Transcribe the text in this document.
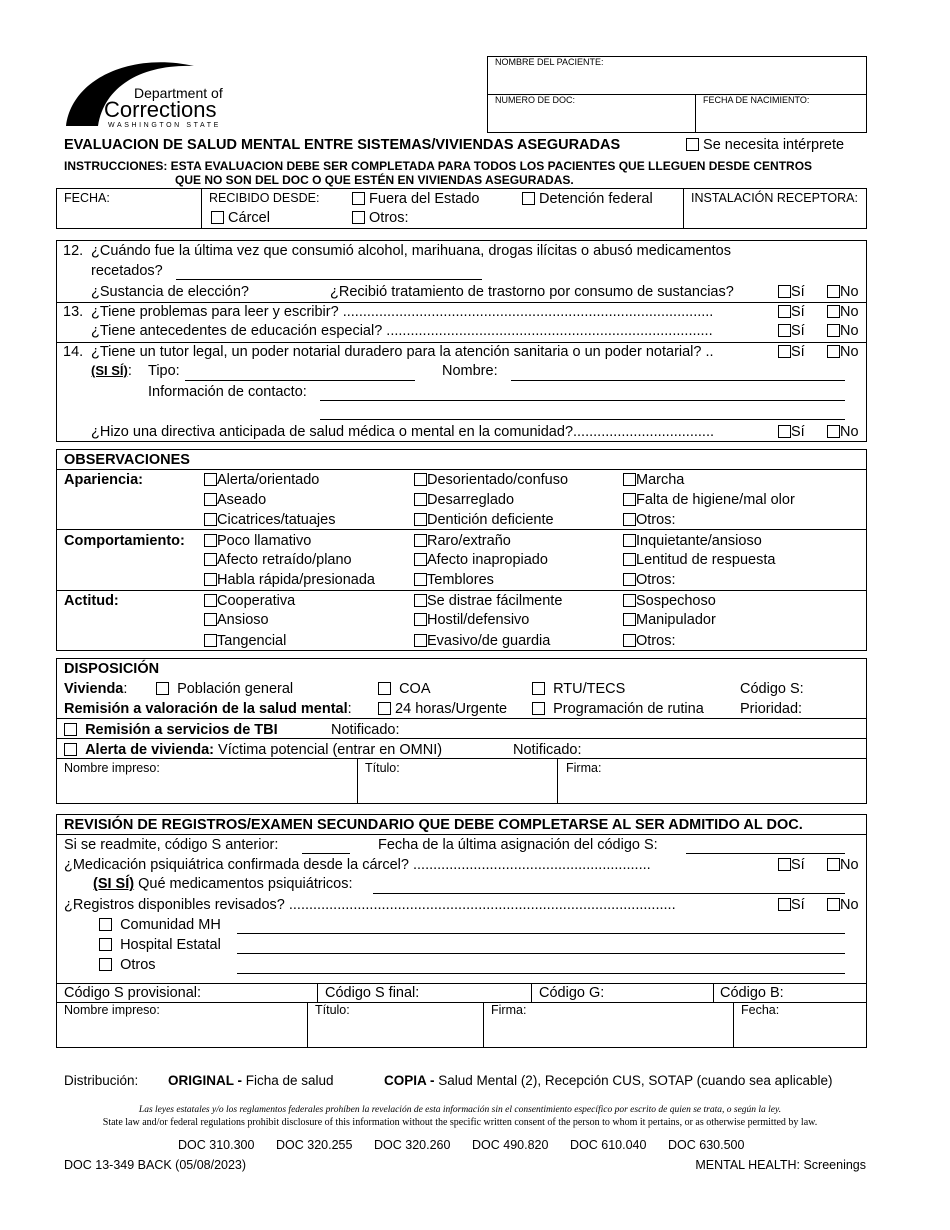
Department of
Corrections
WASHINGTON STATE
NOMBRE DEL PACIENTE:
NUMERO DE DOC:	FECHA DE NACIMIENTO:
EVALUACION DE SALUD MENTAL ENTRE SISTEMAS/VIVIENDAS ASEGURADAS	Se necesita intérprete
INSTRUCCIONES: ESTA EVALUACION DEBE SER COMPLETADA PARA TODOS LOS PACIENTES QUE LLEGUEN DESDE CENTROS
QUE NO SON DEL DOC O QUE ESTÉN EN VIVIENDAS ASEGURADAS.
FECHA:	RECIBIDO DESDE:	Fuera del Estado	Detención federal
Cárcel	Otros:
INSTALACIÓN RECEPTORA:
12. ¿Cuándo fue la última vez que consumió alcohol, marihuana, drogas ilícitas o abusó medicamentos
recetados?
¿Sustancia de elección?	¿Recibió tratamiento de trastorno por consumo de sustancias?	Sí	No
13. ¿Tiene problemas para leer y escribir? ............................................................................................	Sí	No
¿Tiene antecedentes de educación especial? .................................................................................	Sí	No
14. ¿Tiene un tutor legal, un poder notarial duradero para la atención sanitaria o un poder notarial? ..	Sí	No
(SI SÍ): Tipo:	Nombre:
Información de contacto:
¿Hizo una directiva anticipada de salud médica o mental en la comunidad?...................................	Sí	No
OBSERVACIONES
Apariencia:	Alerta/orientado	Desorientado/confuso	Marcha
Aseado	Desarreglado	Falta de higiene/mal olor
Cicatrices/tatuajes	Dentición deficiente	Otros:
Comportamiento:	Poco llamativo	Raro/extraño	Inquietante/ansioso
Afecto retraído/plano	Afecto inapropiado	Lentitud de respuesta
Habla rápida/presionada	Temblores	Otros:
Actitud:	Cooperativa	Se distrae fácilmente	Sospechoso
Ansioso	Hostil/defensivo	Manipulador
Tangencial	Evasivo/de guardia	Otros:
DISPOSICIÓN
Vivienda:	Población general	COA	RTU/TECS	Código S:
Remisión a valoración de la salud mental:	24 horas/Urgente	Programación de rutina Prioridad:
Remisión a servicios de TBI	Notificado:
Alerta de vivienda: Víctima potencial (entrar en OMNI)	Notificado:
Nombre impreso:	Título:	Firma:
REVISIÓN DE REGISTROS/EXAMEN SECUNDARIO QUE DEBE COMPLETARSE AL SER ADMITIDO AL DOC.
Si se readmite, código S anterior:	Fecha de la última asignación del código S:
¿Medicación psiquiátrica confirmada desde la cárcel? ...........................................................	Sí	No
(SI SÍ) Qué medicamentos psiquiátricos:
¿Registros disponibles revisados? ................................................................................................	Sí	No
Comunidad MH
Hospital Estatal
Otros
Código S provisional:	Código S final:	Código G:	Código B:
Nombre impreso:	Título:	Firma:	Fecha:
Distribución: ORIGINAL - Ficha de salud	COPIA - Salud Mental (2), Recepción CUS, SOTAP (cuando sea aplicable)
Las leyes estatales y/o los reglamentos federales prohíben la revelación de esta información sin el consentimiento específico por escrito de quien se trata, o según la ley.
State law and/or federal regulations prohibit disclosure of this information without the specific written consent of the person to whom it pertains, or as otherwise permitted by law.
DOC 310.300 DOC 320.255 DOC 320.260 DOC 490.820 DOC 610.040 DOC 630.500
DOC 13-349 BACK (05/08/2023)	MENTAL HEALTH: Screenings
